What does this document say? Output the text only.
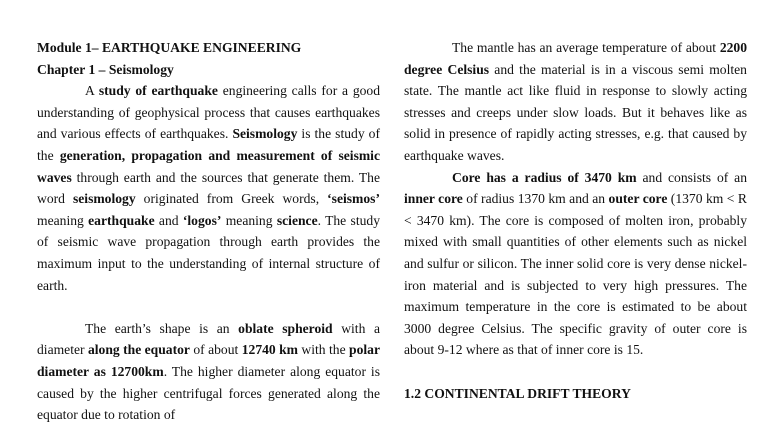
Module 1– EARTHQUAKE ENGINEERING

Chapter 1 – Seismology

A study of earthquake engineering calls for a good understanding of geophysical process that causes earthquakes and various effects of earthquakes. Seismology is the study of the generation, propagation and measurement of seismic waves through earth and the sources that generate them. The word seismology originated from Greek words, ‘seismos’ meaning earthquake and ‘logos’ meaning science. The study of seismic wave propagation through earth provides the maximum input to the understanding of internal structure of earth.

The earth’s shape is an oblate spheroid with a diameter along the equator of about 12740 km with the polar diameter as 12700km. The higher diameter along equator is caused by the higher centrifugal forces generated along the equator due to rotation of

The mantle has an average temperature of about 2200 degree Celsius and the material is in a viscous semi molten state. The mantle act like fluid in response to slowly acting stresses and creeps under slow loads. But it behaves like as solid in presence of rapidly acting stresses, e.g. that caused by earthquake waves.

Core has a radius of 3470 km and consists of an inner core of radius 1370 km and an outer core (1370 km < R < 3470 km). The core is composed of molten iron, probably mixed with small quantities of other elements such as nickel and sulfur or silicon. The inner solid core is very dense nickel-iron material and is subjected to very high pressures. The maximum temperature in the core is estimated to be about 3000 degree Celsius. The specific gravity of outer core is about 9-12 where as that of inner core is 15.

1.2 CONTINENTAL DRIFT THEORY
